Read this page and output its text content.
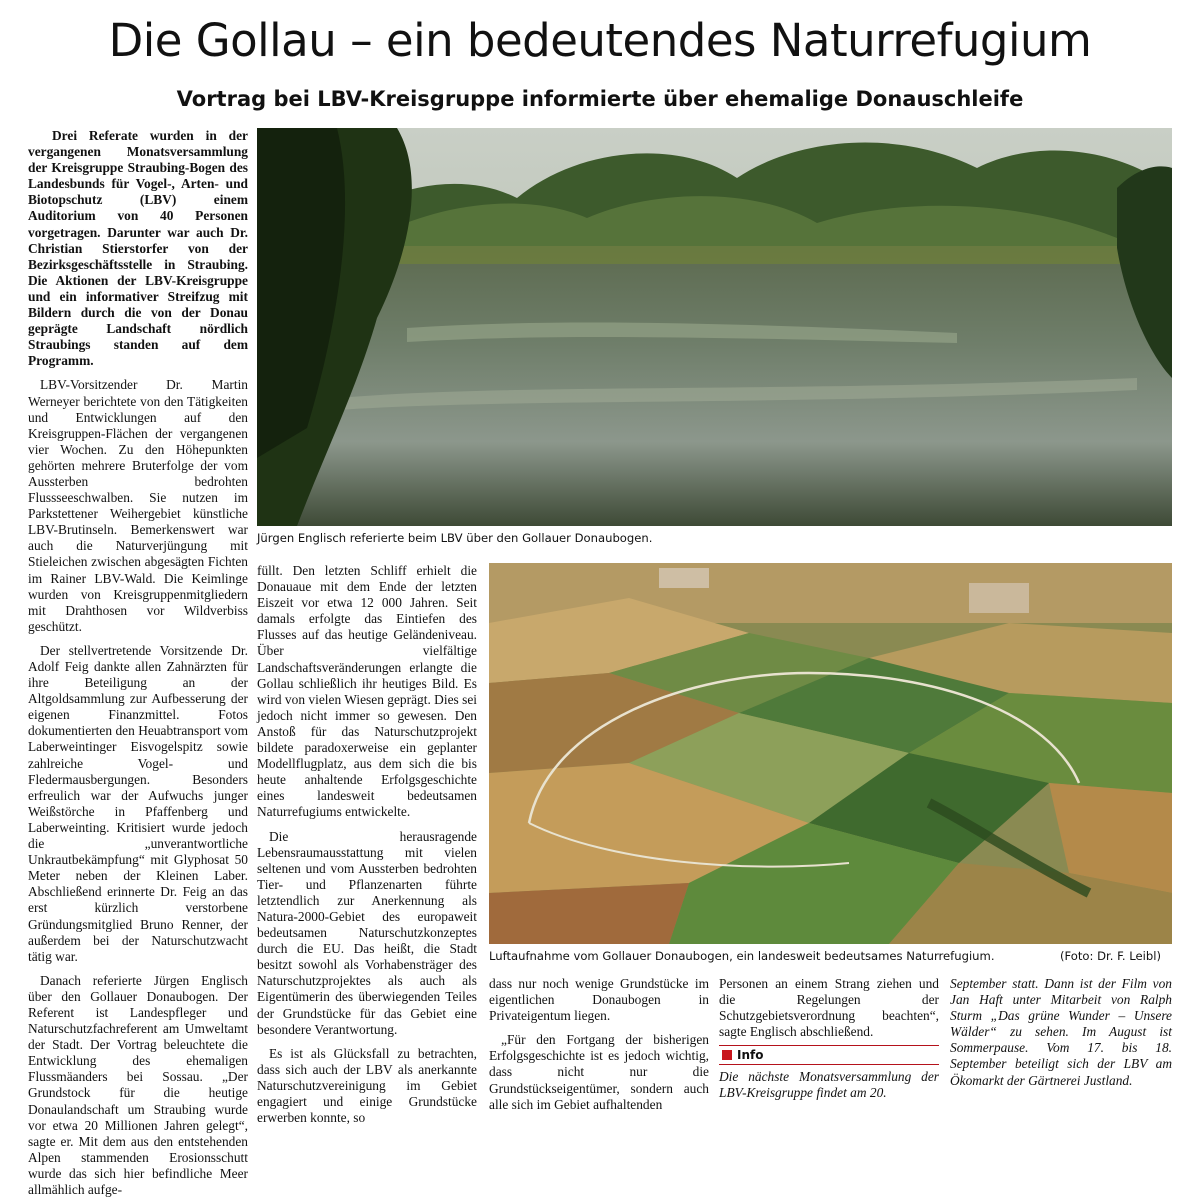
Die Gollau – ein bedeutendes Naturrefugium
Vortrag bei LBV-Kreisgruppe informierte über ehemalige Donauschleife

Drei Referate wurden in der vergangenen Monatsversammlung der Kreisgruppe Straubing-Bogen des Landesbunds für Vogel-, Arten- und Biotopschutz (LBV) einem Auditorium von 40 Personen vorgetragen. Darunter war auch Dr. Christian Stierstorfer von der Bezirksgeschäftsstelle in Straubing. Die Aktionen der LBV-Kreisgruppe und ein informativer Streifzug mit Bildern durch die von der Donau geprägte Landschaft nördlich Straubings standen auf dem Programm.

LBV-Vorsitzender Dr. Martin Werneyer berichtete von den Tätigkeiten und Entwicklungen auf den Kreisgruppen-Flächen der vergangenen vier Wochen. Zu den Höhepunkten gehörten mehrere Bruterfolge der vom Aussterben bedrohten Flussseeschwalben. Sie nutzen im Parkstettener Weihergebiet künstliche LBV-Brutinseln. Bemerkenswert war auch die Naturverjüngung mit Stieleichen zwischen abgesägten Fichten im Rainer LBV-Wald. Die Keimlinge wurden von Kreisgruppenmitgliedern mit Drahthosen vor Wildverbiss geschützt.

Der stellvertretende Vorsitzende Dr. Adolf Feig dankte allen Zahnärzten für ihre Beteiligung an der Altgoldsammlung zur Aufbesserung der eigenen Finanzmittel. Fotos dokumentierten den Heuabtransport vom Laberweintinger Eisvogelspitz sowie zahlreiche Vogel- und Fledermausbergungen. Besonders erfreulich war der Aufwuchs junger Weißstörche in Pfaffenberg und Laberweinting. Kritisiert wurde jedoch die „unverantwortliche Unkrautbekämpfung“ mit Glyphosat 50 Meter neben der Kleinen Laber. Abschließend erinnerte Dr. Feig an das erst kürzlich verstorbene Gründungsmitglied Bruno Renner, der außerdem bei der Naturschutzwacht tätig war.

Danach referierte Jürgen Englisch über den Gollauer Donaubogen. Der Referent ist Landespfleger und Naturschutzfachreferent am Umweltamt der Stadt. Der Vortrag beleuchtete die Entwicklung des ehemaligen Flussmäanders bei Sossau. „Der Grundstock für die heutige Donaulandschaft um Straubing wurde vor etwa 20 Millionen Jahren gelegt“, sagte er. Mit dem aus den entstehenden Alpen stammenden Erosionsschutt wurde das sich hier befindliche Meer allmählich aufge-

Jürgen Englisch referierte beim LBV über den Gollauer Donaubogen.

füllt. Den letzten Schliff erhielt die Donauaue mit dem Ende der letzten Eiszeit vor etwa 12 000 Jahren. Seit damals erfolgte das Eintiefen des Flusses auf das heutige Geländeniveau. Über vielfältige Landschaftsveränderungen erlangte die Gollau schließlich ihr heutiges Bild. Es wird von vielen Wiesen geprägt. Dies sei jedoch nicht immer so gewesen. Den Anstoß für das Naturschutzprojekt bildete paradoxerweise ein geplanter Modellflugplatz, aus dem sich die bis heute anhaltende Erfolgsgeschichte eines landesweit bedeutsamen Naturrefugiums entwickelte.

Die herausragende Lebensraumausstattung mit vielen seltenen und vom Aussterben bedrohten Tier- und Pflanzenarten führte letztendlich zur Anerkennung als Natura-2000-Gebiet des europaweit bedeutsamen Naturschutzkonzeptes durch die EU. Das heißt, die Stadt besitzt sowohl als Vorhabensträger des Naturschutzprojektes als auch als Eigentümerin des überwiegenden Teiles der Grundstücke für das Gebiet eine besondere Verantwortung.

Es ist als Glücksfall zu betrachten, dass sich auch der LBV als anerkannte Naturschutzvereinigung im Gebiet engagiert und einige Grundstücke erwerben konnte, so

Luftaufnahme vom Gollauer Donaubogen, ein landesweit bedeutsames Naturrefugium.	(Foto: Dr. F. Leibl)

dass nur noch wenige Grundstücke im eigentlichen Donaubogen in Privateigentum liegen.

„Für den Fortgang der bisherigen Erfolgsgeschichte ist es jedoch wichtig, dass nicht nur die Grundstückseigentümer, sondern auch alle sich im Gebiet aufhaltenden

Personen an einem Strang ziehen und die Regelungen der Schutzgebietsverordnung beachten“, sagte Englisch abschließend.

Info

Die nächste Monatsversammlung der LBV-Kreisgruppe findet am 20.

September statt. Dann ist der Film von Jan Haft unter Mitarbeit von Ralph Sturm „Das grüne Wunder – Unsere Wälder“ zu sehen. Im August ist Sommerpause. Vom 17. bis 18. September beteiligt sich der LBV am Ökomarkt der Gärtnerei Justland.
